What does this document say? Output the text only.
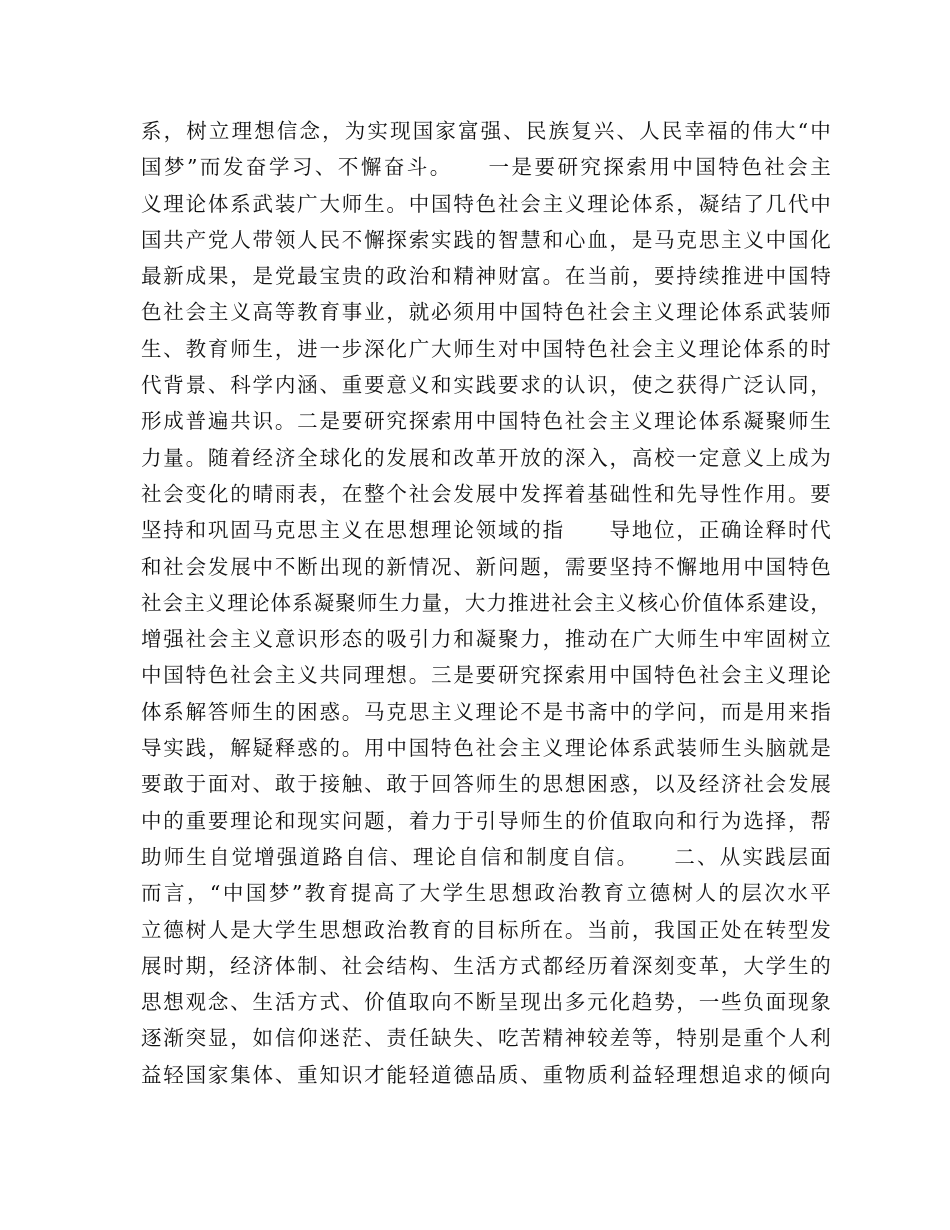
系，树立理想信念，为实现国家富强、民族复兴、人民幸福的伟大“中
国梦”而发奋学习、不懈奋斗。　　一是要研究探索用中国特色社会主
义理论体系武装广大师生。中国特色社会主义理论体系，凝结了几代中
国共产党人带领人民不懈探索实践的智慧和心血，是马克思主义中国化
最新成果，是党最宝贵的政治和精神财富。在当前，要持续推进中国特
色社会主义高等教育事业，就必须用中国特色社会主义理论体系武装师
生、教育师生，进一步深化广大师生对中国特色社会主义理论体系的时
代背景、科学内涵、重要意义和实践要求的认识，使之获得广泛认同，
形成普遍共识。二是要研究探索用中国特色社会主义理论体系凝聚师生
力量。随着经济全球化的发展和改革开放的深入，高校一定意义上成为
社会变化的晴雨表，在整个社会发展中发挥着基础性和先导性作用。要
坚持和巩固马克思主义在思想理论领域的指　　导地位，正确诠释时代
和社会发展中不断出现的新情况、新问题，需要坚持不懈地用中国特色
社会主义理论体系凝聚师生力量，大力推进社会主义核心价值体系建设，
增强社会主义意识形态的吸引力和凝聚力，推动在广大师生中牢固树立
中国特色社会主义共同理想。三是要研究探索用中国特色社会主义理论
体系解答师生的困惑。马克思主义理论不是书斋中的学问，而是用来指
导实践，解疑释惑的。用中国特色社会主义理论体系武装师生头脑就是
要敢于面对、敢于接触、敢于回答师生的思想困惑，以及经济社会发展
中的重要理论和现实问题，着力于引导师生的价值取向和行为选择，帮
助师生自觉增强道路自信、理论自信和制度自信。　　二、从实践层面
而言，“中国梦”教育提高了大学生思想政治教育立德树人的层次水平
立德树人是大学生思想政治教育的目标所在。当前，我国正处在转型发
展时期，经济体制、社会结构、生活方式都经历着深刻变革，大学生的
思想观念、生活方式、价值取向不断呈现出多元化趋势，一些负面现象
逐渐突显，如信仰迷茫、责任缺失、吃苦精神较差等，特别是重个人利
益轻国家集体、重知识才能轻道德品质、重物质利益轻理想追求的倾向
